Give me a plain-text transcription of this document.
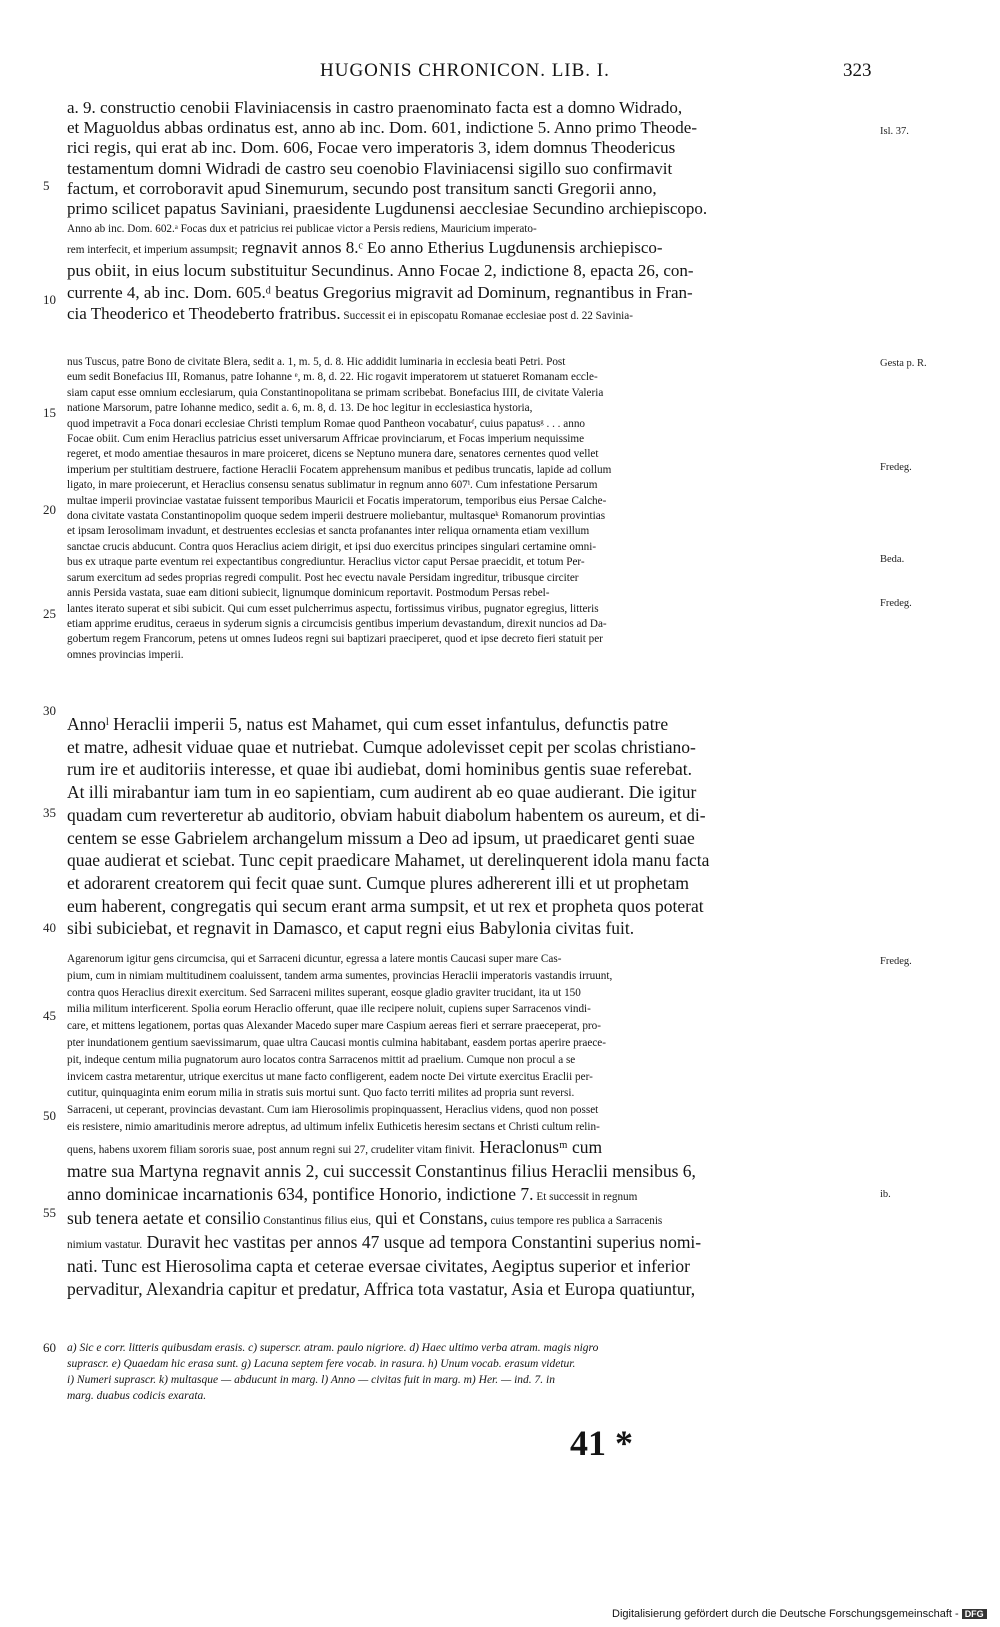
HUGONIS CHRONICON. LIB. I.	323
a. 9. constructio cenobii Flaviniacensis in castro praenominato facta est a domno Widrado,
et Maguoldus abbas ordinatus est, anno ab inc. Dom. 601, indictione 5. Anno primo Theode-
rici regis, qui erat ab inc. Dom. 606, Focae vero imperatoris 3, idem domnus Theodericus
testamentum domni Widradi de castro seu coenobio Flaviniacensi sigillo suo confirmavit
factum, et corroboravit apud Sinemurum, secundo post transitum sancti Gregorii anno,
primo scilicet papatus Saviniani, praesidente Lugdunensi aecclesiae Secundino archiepiscopo.
Anno ab inc. Dom. 602.ᵃ Focas dux et patricius rei publicae victor a Persis rediens, Mauricium imperato-
rem interfecit, et imperium assumpsit; regnavit annos 8.ᶜ Eo anno Etherius Lugdunensis archiepisco-
pus obiit, in eius locum substituitur Secundinus. Anno Focae 2, indictione 8, epacta 26, con-
currente 4, ab inc. Dom. 605.ᵈ beatus Gregorius migravit ad Dominum, regnantibus in Fran-
cia Theoderico et Theodeberto fratribus. Successit ei in episcopatu Romanae ecclesiae post d. 22 Savinia-
nus Tuscus, patre Bono de civitate Blera, sedit a. 1, m. 5, d. 8. Hic addidit luminaria in ecclesia beati Petri. Post
eum sedit Bonefacius III, Romanus, patre Iohanne ᵉ, m. 8, d. 22. Hic rogavit imperatorem ut statueret Romanam eccle-
siam caput esse omnium ecclesiarum, quia Constantinopolitana se primam scribebat. Bonefacius IIII, de civitate Valeria
natione Marsorum, patre Iohanne medico, sedit a. 6, m. 8, d. 13. De hoc legitur in ecclesiastica hystoria,
quod impetravit a Foca donari ecclesiae Christi templum Romae quod Pantheon vocabaturᶠ, cuius papatusᵍ . . . anno
Focae obiit. Cum enim Heraclius patricius esset universarum Affricae provinciarum, et Focas imperium nequissime
regeret, et modo amentiae thesauros in mare proiceret, dicens se Neptuno munera dare, senatores cernentes quod vellet
imperium per stultitiam destruere, factione Heraclii Focatem apprehensum manibus et pedibus truncatis, lapide ad collum
ligato, in mare proiecerunt, et Heraclius consensu senatus sublimatur in regnum anno 607ⁱ. Cum infestatione Persarum
multae imperii provinciae vastatae fuissent temporibus Mauricii et Focatis imperatorum, temporibus eius Persae Calche-
dona civitate vastata Constantinopolim quoque sedem imperii destruere moliebantur, multasqueᵏ Romanorum provintias
et ipsam Ierosolimam invadunt, et destruentes ecclesias et sancta profanantes inter reliqua ornamenta etiam vexillum
sanctae crucis abducunt. Contra quos Heraclius aciem dirigit, et ipsi duo exercitus principes singulari certamine omni-
bus ex utraque parte eventum rei expectantibus congrediuntur. Heraclius victor caput Persae praecidit, et totum Per-
sarum exercitum ad sedes proprias regredi compulit. Post hec evectu navale Persidam ingreditur, tribusque circiter
annis Persida vastata, suae eam ditioni subiecit, lignumque dominicum reportavit. Postmodum Persas rebel-
lantes iterato superat et sibi subicit. Qui cum esset pulcherrimus aspectu, fortissimus viribus, pugnator egregius, litteris
etiam apprime eruditus, ceraeus in syderum signis a circumcisis gentibus imperium devastandum, direxit nuncios ad Da-
gobertum regem Francorum, petens ut omnes Iudeos regni sui baptizari praeciperet, quod et ipse decreto fieri statuit per
omnes provincias imperii.
Annoˡ Heraclii imperii 5, natus est Mahamet, qui cum esset infantulus, defunctis patre
et matre, adhesit viduae quae et nutriebat. Cumque adolevisset cepit per scolas christiano-
rum ire et auditoriis interesse, et quae ibi audiebat, domi hominibus gentis suae referebat.
At illi mirabantur iam tum in eo sapientiam, cum audirent ab eo quae audierant. Die igitur
quadam cum reverteretur ab auditorio, obviam habuit diabolum habentem os aureum, et di-
centem se esse Gabrielem archangelum missum a Deo ad ipsum, ut praedicaret genti suae
quae audierat et sciebat. Tunc cepit praedicare Mahamet, ut derelinquerent idola manu facta
et adorarent creatorem qui fecit quae sunt. Cumque plures adhererent illi et ut prophetam
eum haberent, congregatis qui secum erant arma sumpsit, et ut rex et propheta quos poterat
sibi subiciebat, et regnavit in Damasco, et caput regni eius Babylonia civitas fuit.
Agarenorum igitur gens circumcisa, qui et Sarraceni dicuntur, egressa a latere montis Caucasi super mare Cas-
pium, cum in nimiam multitudinem coaluissent, tandem arma sumentes, provincias Heraclii imperatoris vastandis irruunt,
contra quos Heraclius direxit exercitum. Sed Sarraceni milites superant, eosque gladio graviter trucidant, ita ut 150
milia militum interficerent. Spolia eorum Heraclio offerunt, quae ille recipere noluit, cupiens super Sarracenos vindi-
care, et mittens legationem, portas quas Alexander Macedo super mare Caspium aereas fieri et serrare praeceperat, pro-
pter inundationem gentium saevissimarum, quae ultra Caucasi montis culmina habitabant, easdem portas aperire praece-
pit, indeque centum milia pugnatorum auro locatos contra Sarracenos mittit ad praelium. Cumque non procul a se
invicem castra metarentur, utrique exercitus ut mane facto confligerent, eadem nocte Dei virtute exercitus Eraclii per-
cutitur, quinquaginta enim eorum milia in stratis suis mortui sunt. Quo facto territi milites ad propria sunt reversi.
Sarraceni, ut ceperant, provincias devastant. Cum iam Hierosolimis propinquassent, Heraclius videns, quod non posset
eis resistere, nimio amaritudinis merore adreptus, ad ultimum infelix Euthicetis heresim sectans et Christi cultum relin-
quens, habens uxorem filiam sororis suae, post annum regni sui 27, crudeliter vitam finivit. Heraclonusᵐ cum
matre sua Martyna regnavit annis 2, cui successit Constantinus filius Heraclii mensibus 6,
anno dominicae incarnationis 634, pontifice Honorio, indictione 7. Et successit in regnum
sub tenera aetate et consilio Constantinus filius eius, qui et Constans, cuius tempore res publica a Sarracenis
nimium vastatur. Duravit hec vastitas per annos 47 usque ad tempora Constantini superius nomi-
nati. Tunc est Hierosolima capta et ceterae eversae civitates, Aegiptus superior et inferior
pervaditur, Alexandria capitur et predatur, Affrica tota vastatur, Asia et Europa quatiuntur,
a) Sic e corr. litteris quibusdam erasis. c) superscr. atram. paulo nigriore. d) Haec ultimo verba atram. magis nigro
suprascr. e) Quaedam hic erasa sunt. g) Lacuna septem fere vocab. in rasura. h) Unum vocab. erasum videtur.
i) Numeri suprascr. k) multasque — abducunt in marg. l) Anno — civitas fuit in marg. m) Her. — ind. 7. in
marg. duabus codicis exarata.
41 *
5
10
15
20
25
30
35
40
45
50
55
60
Isl. 37.
Gesta p. R.
Fredeg.
Beda.
Fredeg.
Fredeg.
ib.
Digitalisierung gefördert durch die Deutsche Forschungsgemeinschaft - DFG
